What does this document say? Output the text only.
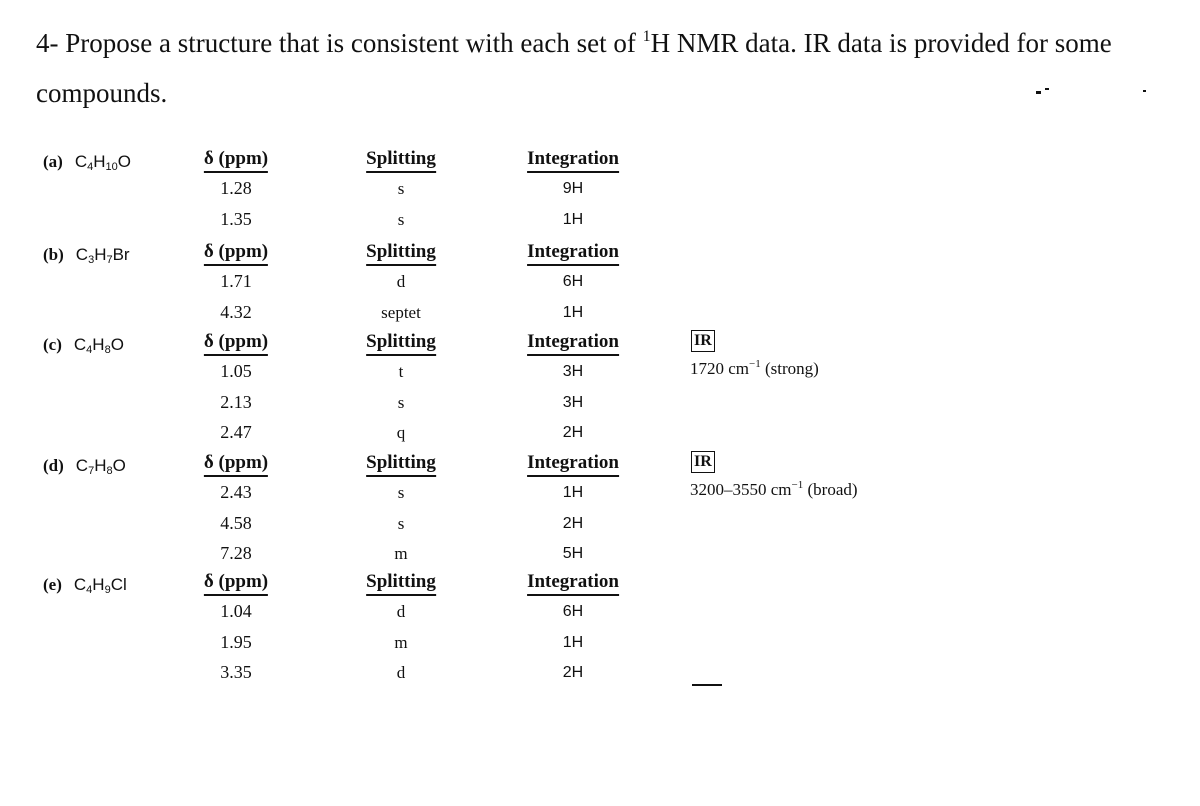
4- Propose a structure that is consistent with each set of $^1$H NMR data. IR data is provided for some compounds.
(a) $C_4H_{10}O$	δ (ppm)	Splitting	Integration
1.28	s	9H
1.35	s	1H
(b) $C_3H_7Br$	δ (ppm)	Splitting	Integration
1.71	d	6H
4.32	septet	1H
(c) $C_4H_8O$	δ (ppm)	Splitting	Integration
1.05	t	3H
2.13	s	3H
2.47	q	2H
IR
1720 $cm^{-1}$ (strong)
(d) $C_7H_8O$	δ (ppm)	Splitting	Integration
2.43	s	1H
4.58	s	2H
7.28	m	5H
IR
3200–3550 $cm^{-1}$ (broad)
(e) $C_4H_9Cl$	δ (ppm)	Splitting	Integration
1.04	d	6H
1.95	m	1H
3.35	d	2H
